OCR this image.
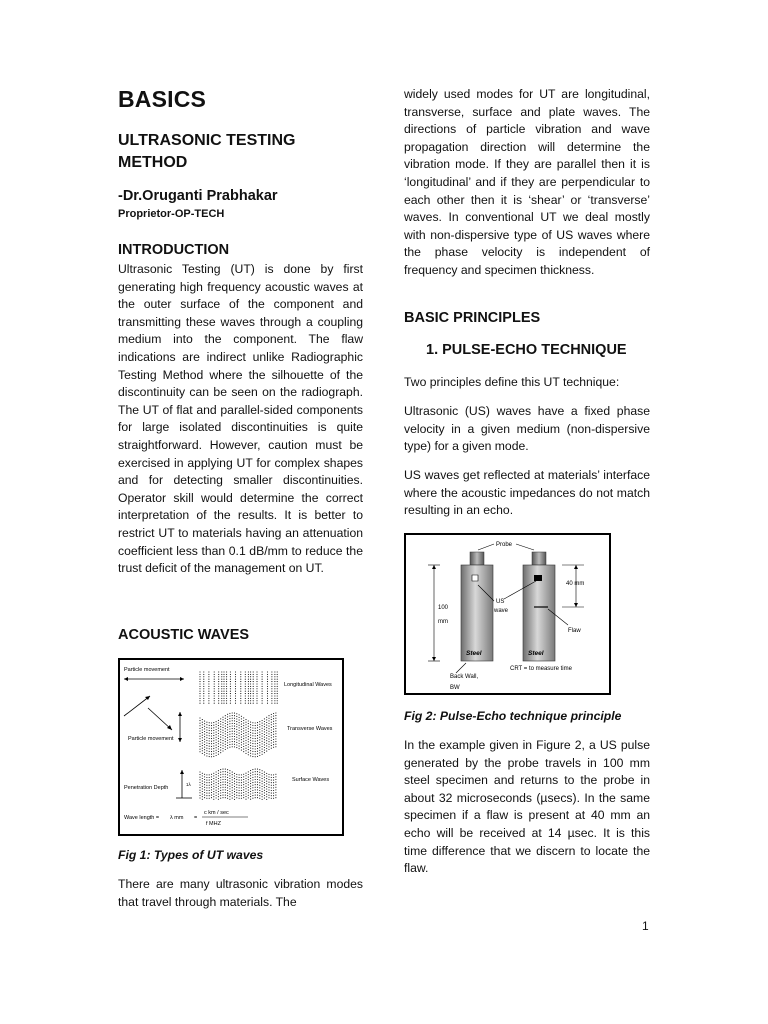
BASICS
ULTRASONIC TESTING
METHOD
-Dr.Oruganti Prabhakar
Proprietor-OP-TECH
INTRODUCTION

Ultrasonic Testing (UT) is done by first generating high frequency acoustic waves at the outer surface of the component and transmitting these waves through a coupling medium into the component. The flaw indications are indirect unlike Radiographic Testing Method where the silhouette of the discontinuity can be seen on the radiograph. The UT of flat and parallel-sided components for large isolated discontinuities is quite straightforward. However, caution must be exercised in applying UT for complex shapes and for detecting smaller discontinuities. Operator skill would determine the correct interpretation of the results. It is better to restrict UT to materials having an attenuation coefficient less than 0.1 dB/mm to reduce the trust deficit of the management on UT.

ACOUSTIC WAVES
Particle movement
Longitudinal Waves
Particle movement
Transverse Waves
Surface Waves
Penetration Depth
1λ
Wave length = λ mm =
c km / sec
f MHZ
Fig 1: Types of UT waves

There are many ultrasonic vibration modes that travel through materials. The

widely used modes for UT are longitudinal, transverse, surface and plate waves. The directions of particle vibration and wave propagation direction will determine the vibration mode. If they are parallel then it is ‘longitudinal’ and if they are perpendicular to each other then it is ‘shear’ or ‘transverse’ waves. In conventional UT we deal mostly with non-dispersive type of US waves where the phase velocity is independent of frequency and specimen thickness.

BASIC PRINCIPLES
1. PULSE-ECHO TECHNIQUE

Two principles define this UT technique:

Ultrasonic (US) waves have a fixed phase velocity in a given medium (non-dispersive type) for a given mode.

US waves get reflected at materials’ interface where the acoustic impedances do not match resulting in an echo.

Probe
US
wave
Flaw
100
mm
40 mm
Steel	Steel
CRT = to measure time
Back Wall,
BW
Fig 2: Pulse-Echo technique principle

In the example given in Figure 2, a US pulse generated by the probe travels in 100 mm steel specimen and returns to the probe in about 32 microseconds (µsecs). In the same specimen if a flaw is present at 40 mm an echo will be received at 14 µsec. It is this time difference that we discern to locate the flaw.

1
